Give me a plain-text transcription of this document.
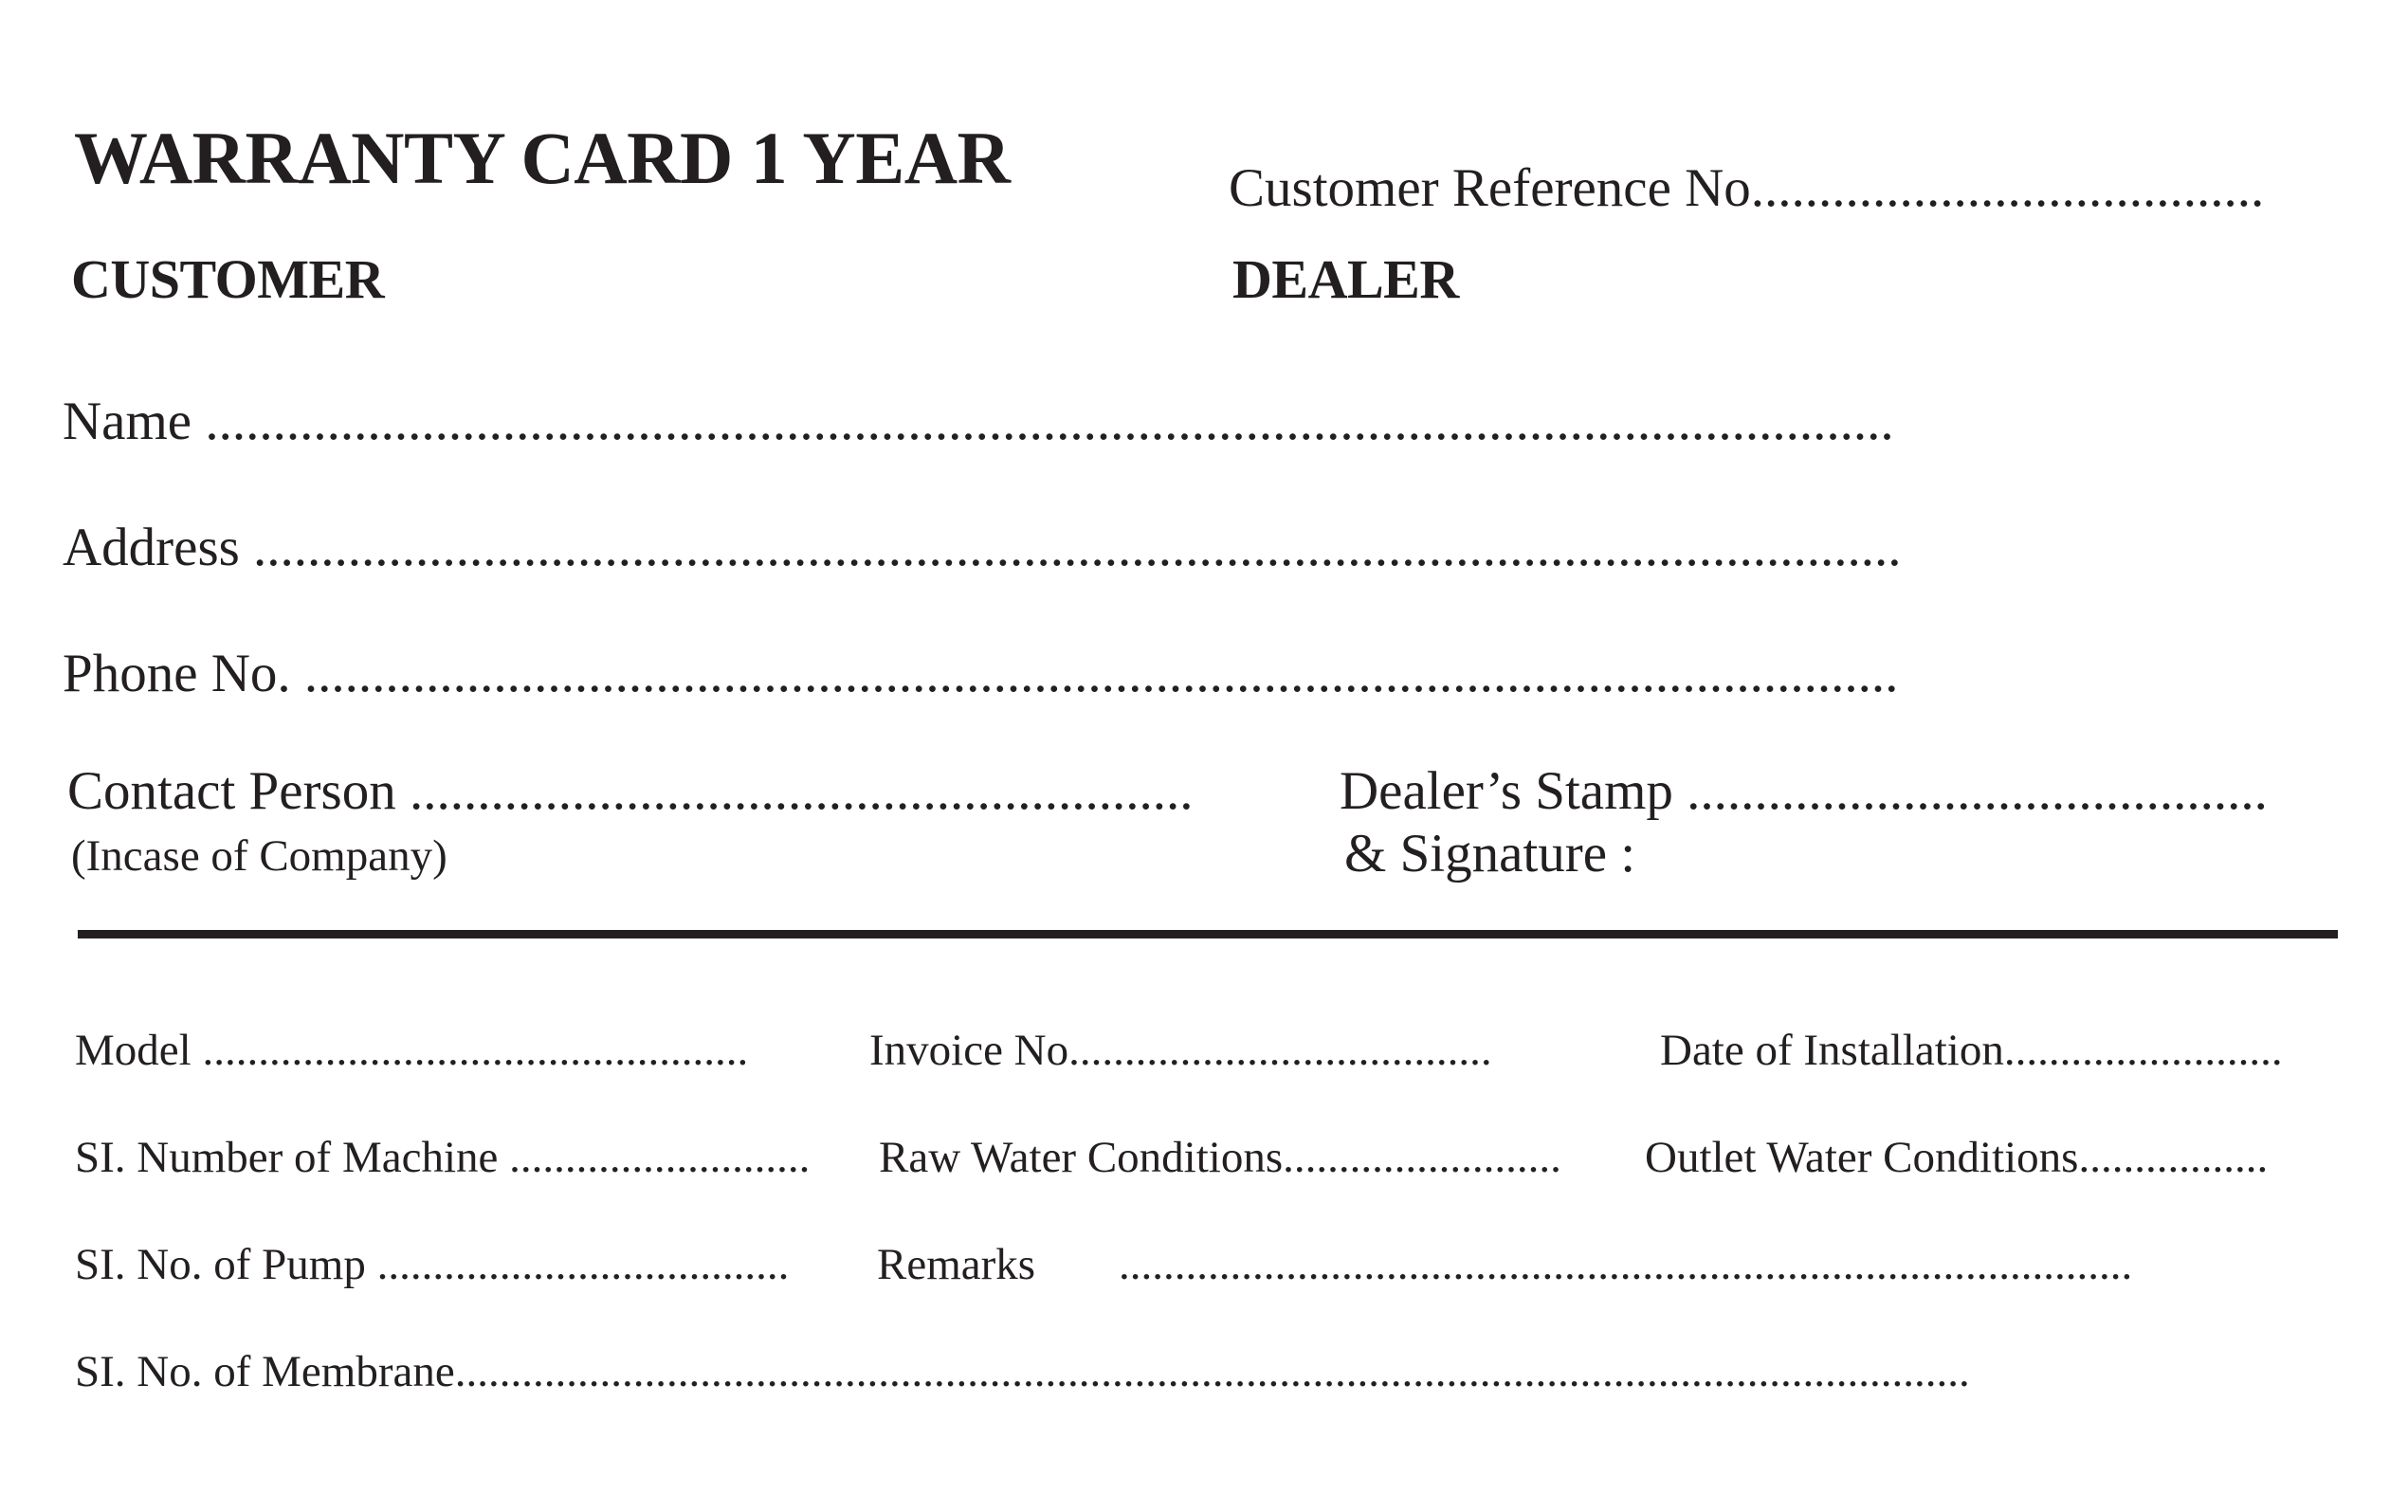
WARRANTY CARD 1 YEAR	Customer Reference No......................................
CUSTOMER	DEALER
Name .............................................................................................................................
Address ..........................................................................................................................
Phone No. ......................................................................................................................
Contact Person ..........................................................
(Incase of Company)
Dealer’s Stamp ...........................................
& Signature :
Model .................................................	Invoice No......................................	Date of Installation.........................
SI. Number of Machine ........................... Raw Water Conditions......................... Outlet Water Conditions.................
SI. No. of Pump ..................................... Remarks ...........................................................................................
SI. No. of Membrane........................................................................................................................................
